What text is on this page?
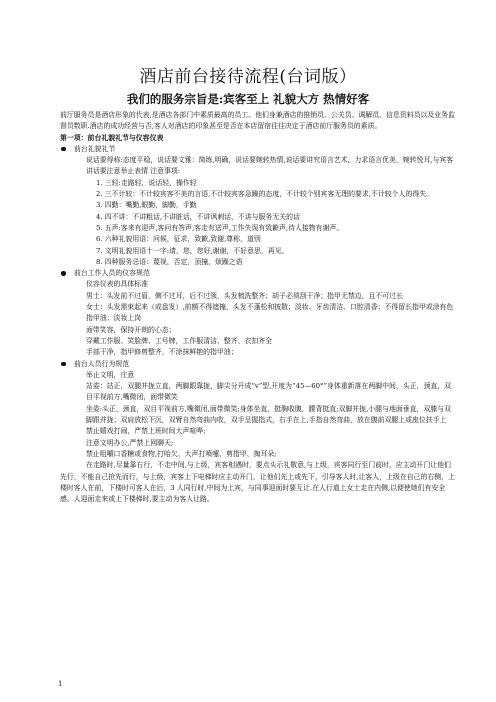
酒店前台接待流程(台词版）
我们的服务宗旨是:宾客至上 礼貌大方 热情好客

前厅服务员是酒店形象的代表,是酒店各部门中素质最高的员工。他们身兼酒店的推销员、公关员、调解员、信息资料员以及业务监督员数职.酒店的成功经营与否,客人对酒店的印象甚至是否在本店留宿往往决定于酒店前厅服务员的素质。

第一项：前台礼貌礼节与仪容仪表

前台礼貌礼节

说话要得称:态度平稳，说话要文雅：简练,明确，说话要婉转热情,说话要讲究语言艺术，力求语言优美，婉转悦耳,与宾客讲话要注意举止表情 注意事项:

1. 三轻:走路轻，说话轻，操作轻

2. 三不计较：不计较宾客不美的言语,不计较宾客急躁的态度，不计较个别宾客无理的要求,不计较个人的得失。

3. 四勤：嘴勤,眼勤，脚勤，手勤

4. 四不讲：不讲粗话,不讲脏话，不讲讽刺话，不讲与服务无关的话

5. 五声:客来有迎声,客问有答声,客走有送声,工作失误有致歉声,待人接物有谢声。

6. 六种礼貌用语：问候，征求，致歉,致谢,尊称，道别

7. 文明礼貌用语十一字:请，您，您好,谢谢，不好意思，再见。

8. 四种服务忌语：蔑视，否定，顶撞，烦躁之语

前台工作人员的仪容规范

仪容仪表的具体标准

男士：头发前不过眉，侧不过耳，后不过领，头发梳洗整齐；胡子必须刮干净；指甲无禁边，且不可过长

女士：头发需束起来（或盘发）,前额不得遮掩，头发不蓬松和披散；淡妆、牙齿清洁、口腔清香；不得留长指甲或涂有色指甲油；淡妆上岗

面带笑容，保持开朗的心态；

穿戴工作服、笑脸牌、工号牌，工作服清洁、整齐、衣扣齐全

手部干净，指甲修剪整齐，不涂抹鲜艳的指甲油；

前台人员行为规范

举止文明，庄意

站姿：站正，双腿并拢立直，两脚跟靠拢，脚尖分开成“v”型,开度为“45—60°”身体重新落在两脚中间，头正，颈直，双目平视前方,嘴微闭，面带微笑

坐姿:头正，颈直，双目平视前方,嘴微闭,面带微笑;身体坐直，挺胸收腹，腰背挺直;双脚并拢,小腿与地面垂直，双膝与双脚跟并拢；双肩放松下沉，双臂自然弯曲内收，双手呈握指式，右手在上,手指自然弯曲，放在腹前双腿上或座位扶手上

禁止嬉戏打闹，严禁上班时间大声喧哗;

注意文明办公,严禁上网聊天;

禁止咀嚼口香糖或食物,打哈欠、大声打喷嚏、剪指甲、掏耳朵;

在走路时,尽量靠右行，不走中间,与上级，宾客相遇时，要点头示礼敬意,与上级，宾客同行至门前时，应主动开门让他们先行，不能自己抢先而行，与上级，宾客上下电梯时应主动开门，让他们先上或先下，引导客人时,让客人，上级在自己的右侧，上楼时客人在前，下楼时可客人在后，3 人同行时,中间为上宾，与同事迎面时要互让.在人行道上女士走在内侧,以便使她们有安全感。人迎面走来或上下楼梯时,要主动为客人让路。

1
